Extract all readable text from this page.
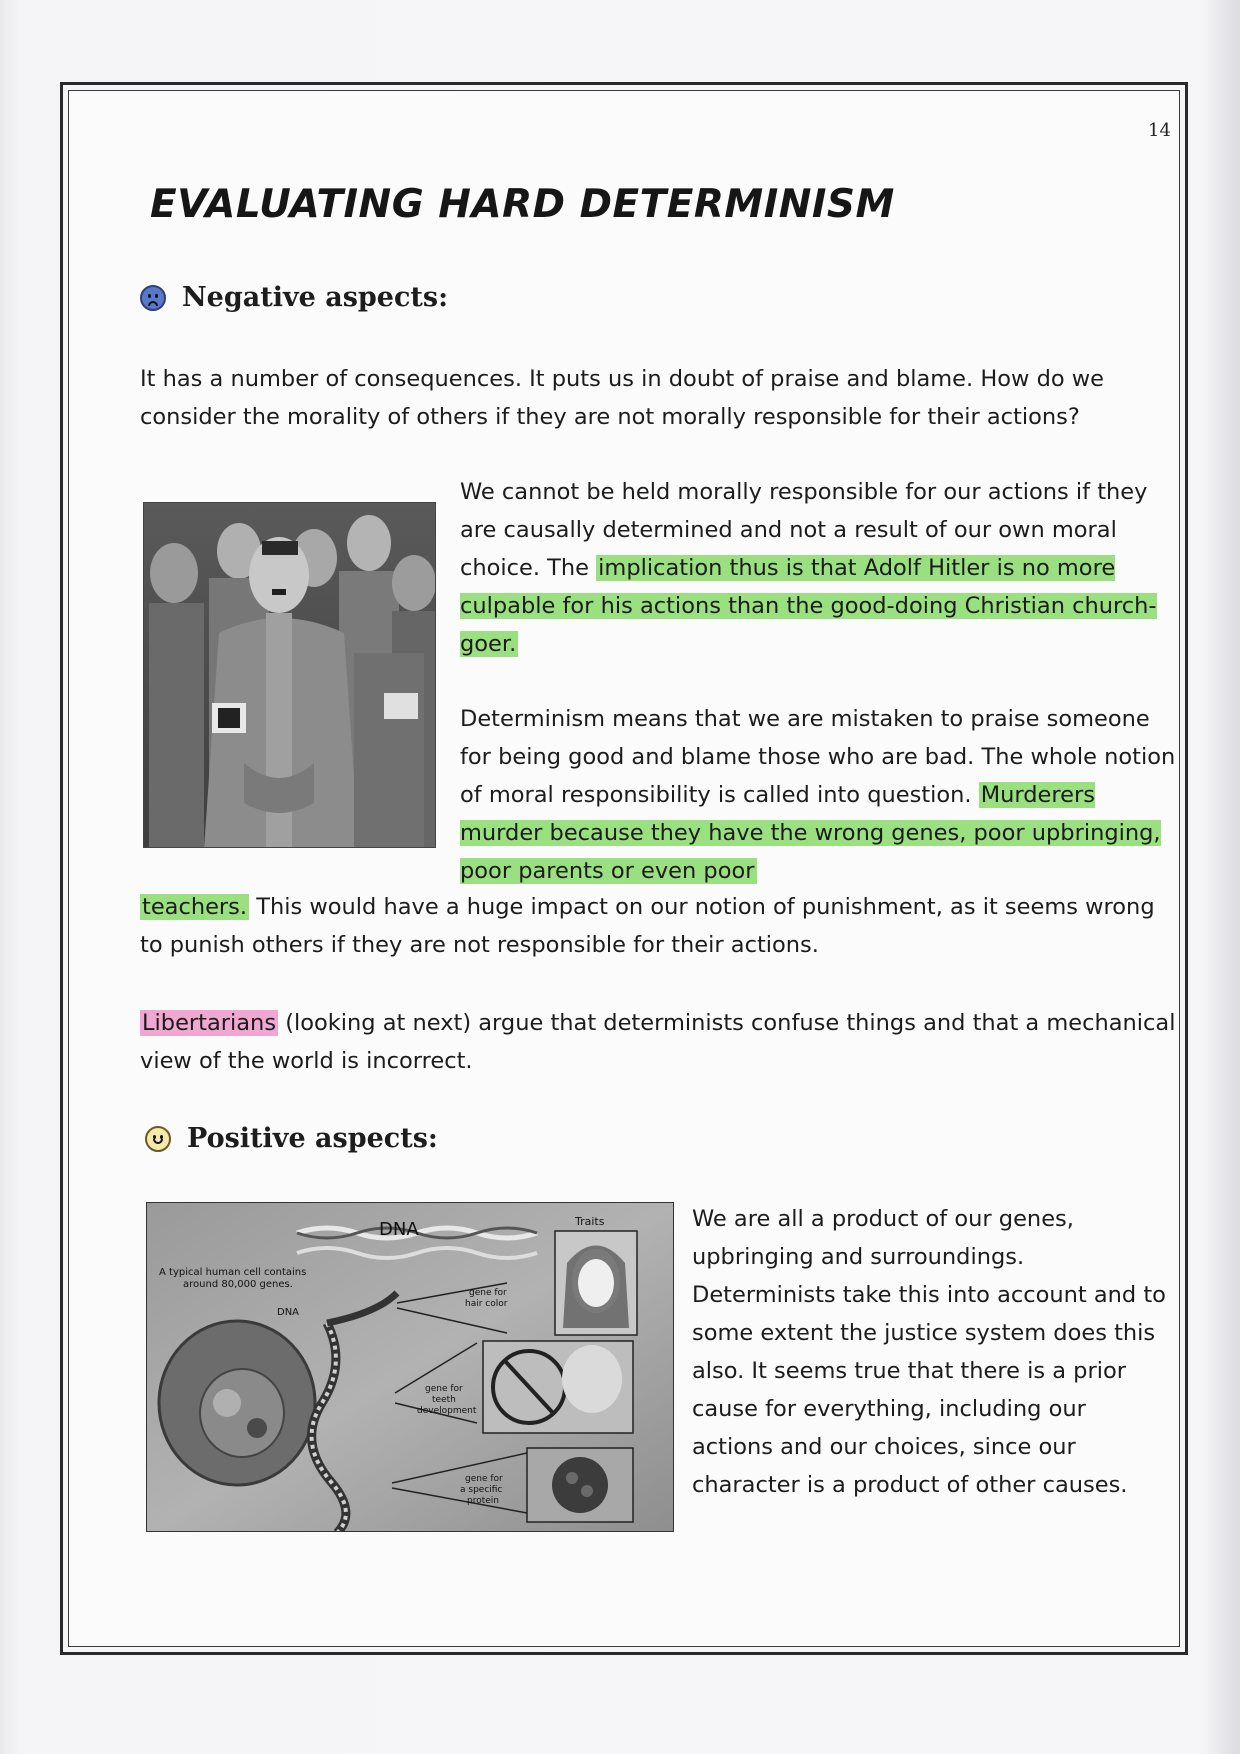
14
EVALUATING HARD DETERMINISM
Negative aspects:

It has a number of consequences. It puts us in doubt of praise and blame. How do we consider the morality of others if they are not morally responsible for their actions?

We cannot be held morally responsible for our actions if they are causally determined and not a result of our own moral choice. The implication thus is that Adolf Hitler is no more culpable for his actions than the good-doing Christian church-goer.

Determinism means that we are mistaken to praise someone for being good and blame those who are bad. The whole notion of moral responsibility is called into question. Murderers murder because they have the wrong genes, poor upbringing, poor parents or even poor

teachers. This would have a huge impact on our notion of punishment, as it seems wrong to punish others if they are not responsible for their actions.

Libertarians (looking at next) argue that determinists confuse things and that a mechanical view of the world is incorrect.

Positive aspects:
DNA	Traits
A typical human cell contains
around 80,000 genes.
DNA
gene for
hair color
gene for
teeth
development
gene for
a specific
protein

We are all a product of our genes, upbringing and surroundings. Determinists take this into account and to some extent the justice system does this also. It seems true that there is a prior cause for everything, including our actions and our choices, since our character is a product of other causes.
